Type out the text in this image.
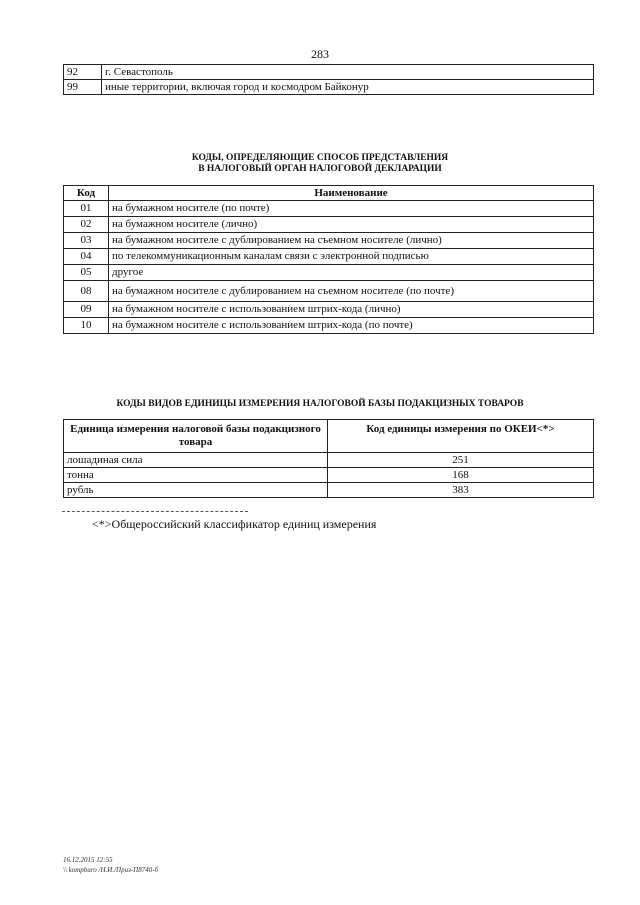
283
92	г. Севастополь
99	иные территории, включая город и космодром Байконур
КОДЫ, ОПРЕДЕЛЯЮЩИЕ СПОСОБ ПРЕДСТАВЛЕНИЯ
В НАЛОГОВЫЙ ОРГАН НАЛОГОВОЙ ДЕКЛАРАЦИИ
Код	Наименование
01	на бумажном носителе (по почте)
02	на бумажном носителе (лично)
03	на бумажном носителе с дублированием на съемном носителе (лично)
04	по телекоммуникационным каналам связи с электронной подписью
05	другое
08	на бумажном носителе с дублированием на съемном носителе (по почте)
09	на бумажном носителе с использованием штрих-кода (лично)
10	на бумажном носителе с использованием штрих-кода (по почте)
КОДЫ ВИДОВ ЕДИНИЦЫ ИЗМЕРЕНИЯ НАЛОГОВОЙ БАЗЫ ПОДАКЦИЗНЫХ ТОВАРОВ
Единица измерения налоговой базы подакцизного товара	Код единицы измерения по ОКЕИ<*>
лошадиная сила	251
тонна	168
рубль	383
<*>Общероссийский классификатор единиц измерения
16.12.2015 12:55
\\ kompburo /Н.И./Приз-П8740-б
